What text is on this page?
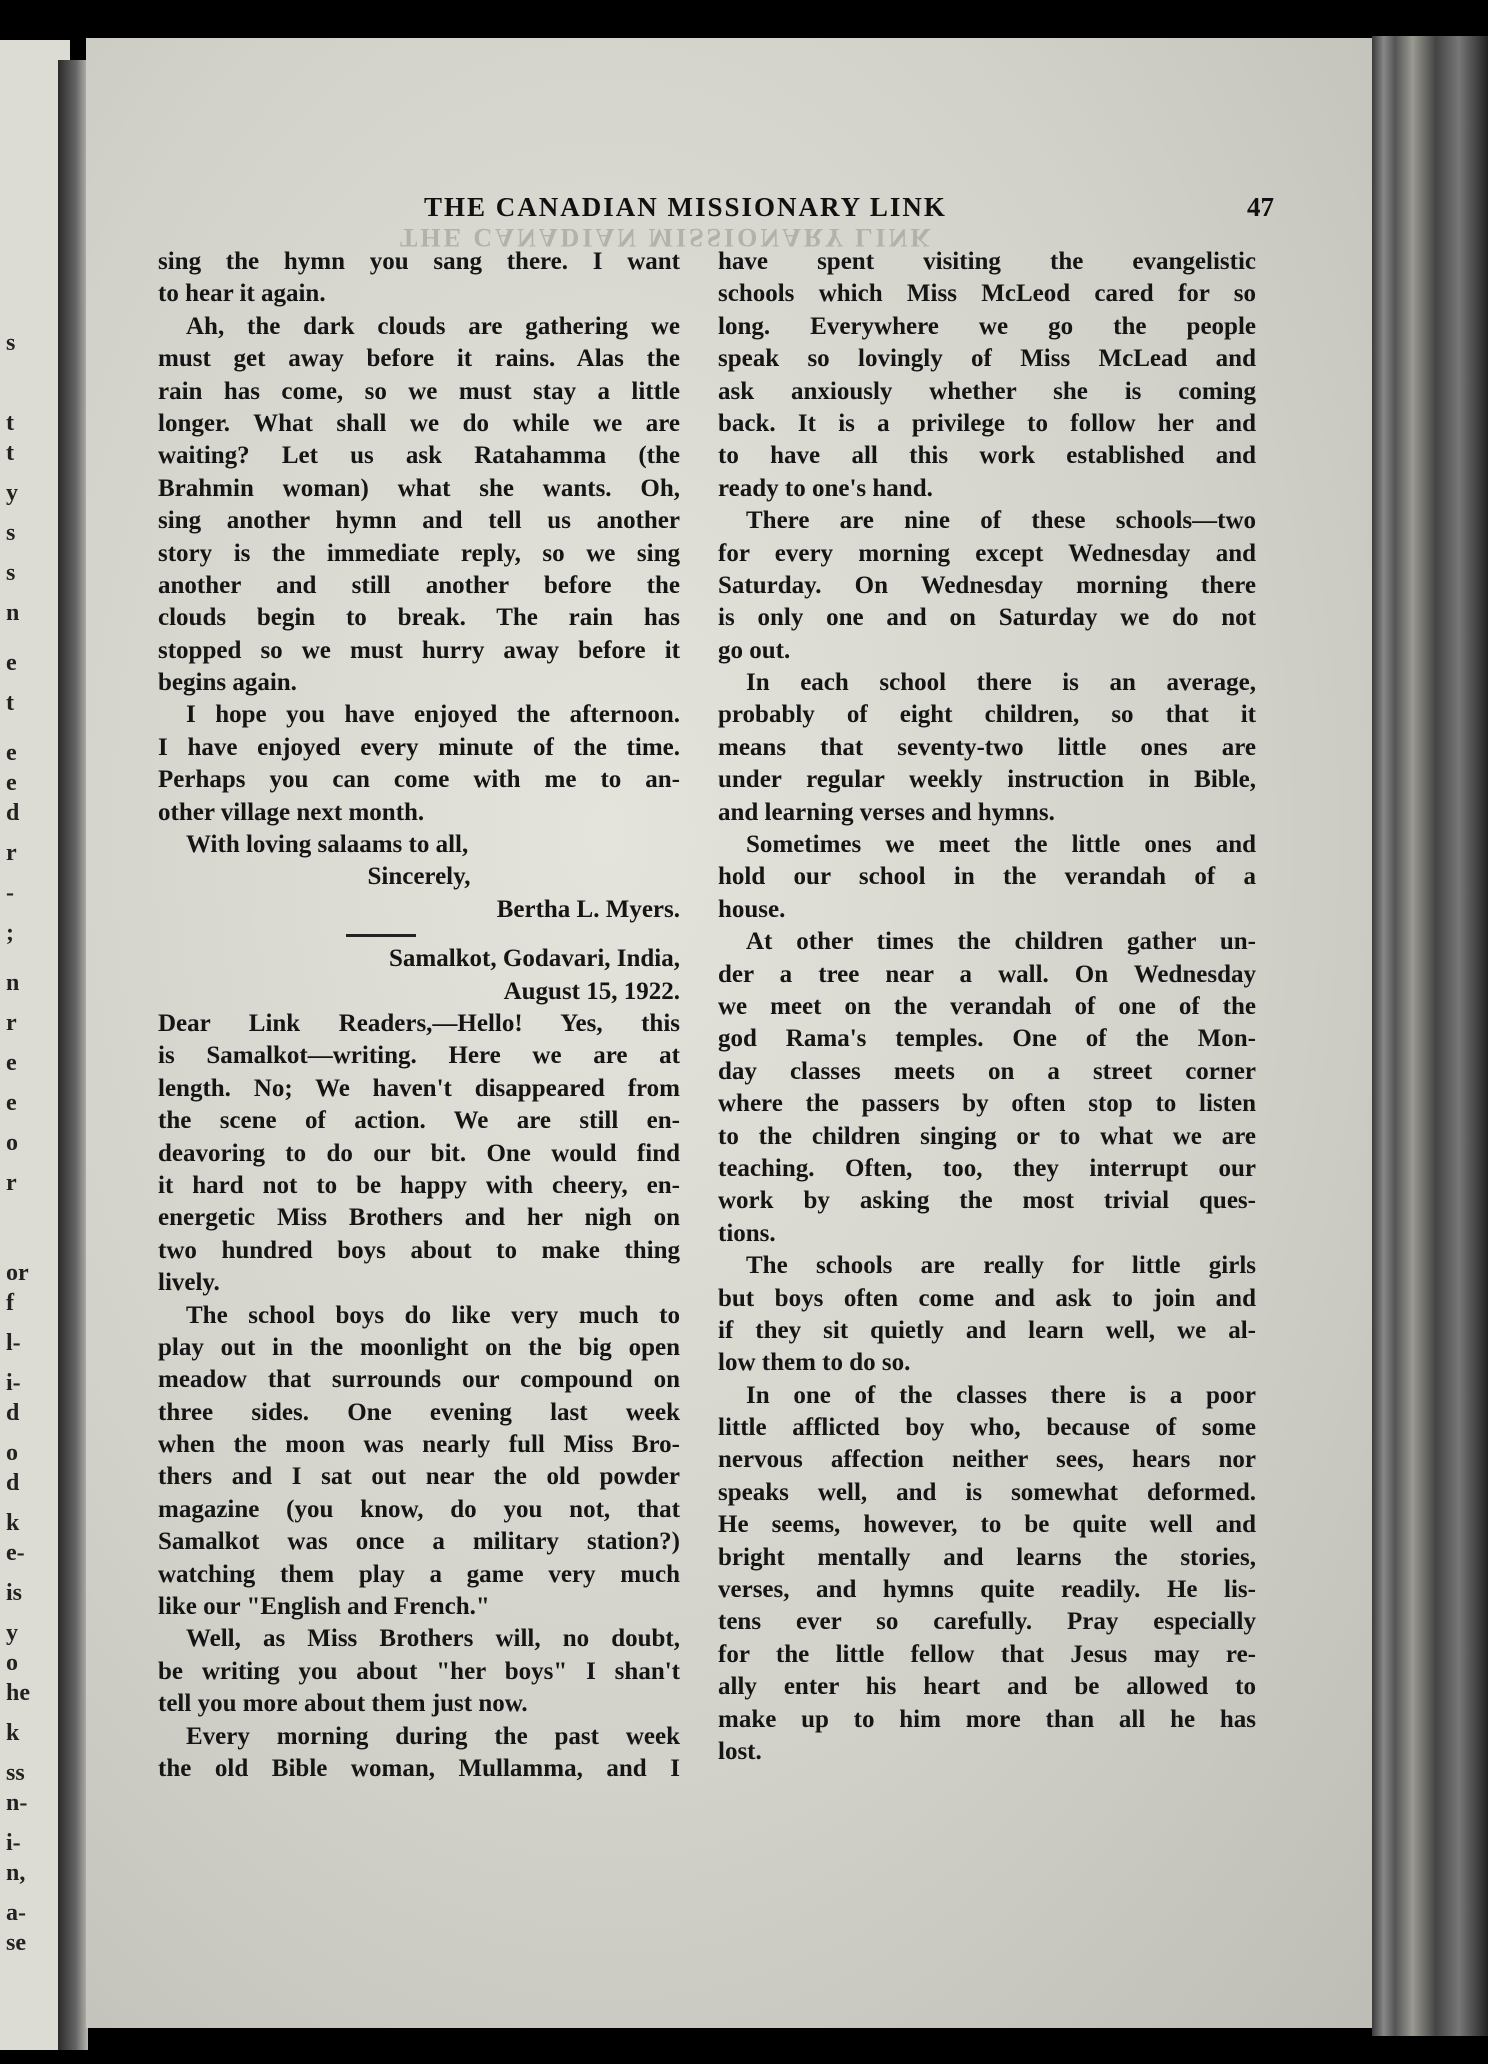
s
t
t
y
s
s
n
e
t
e
e
d
r
-
;
n
r
e
e
o
r
or
f
l-
i-
d
o
d
k
e-
is
y
o
he
k
ss
n-
i-
n,
a-
se
THE CANADIAN MISSIONARY LINK
THE CANADIAN MISSIONARY LINK	47
sing the hymn you sang there. I want
to hear it again.
Ah, the dark clouds are gathering we
must get away before it rains. Alas the
rain has come, so we must stay a little
longer. What shall we do while we are
waiting? Let us ask Ratahamma (the
Brahmin woman) what she wants. Oh,
sing another hymn and tell us another
story is the immediate reply, so we sing
another and still another before the
clouds begin to break. The rain has
stopped so we must hurry away before it
begins again.
I hope you have enjoyed the afternoon.
I have enjoyed every minute of the time.
Perhaps you can come with me to an-
other village next month.
With loving salaams to all,
Sincerely,
Bertha L. Myers.
Samalkot, Godavari, India,
August 15, 1922.
Dear Link Readers,—Hello! Yes, this
is Samalkot—writing. Here we are at
length. No; We haven't disappeared from
the scene of action. We are still en-
deavoring to do our bit. One would find
it hard not to be happy with cheery, en-
energetic Miss Brothers and her nigh on
two hundred boys about to make thing
lively.
The school boys do like very much to
play out in the moonlight on the big open
meadow that surrounds our compound on
three sides. One evening last week
when the moon was nearly full Miss Bro-
thers and I sat out near the old powder
magazine (you know, do you not, that
Samalkot was once a military station?)
watching them play a game very much
like our "English and French."
Well, as Miss Brothers will, no doubt,
be writing you about "her boys" I shan't
tell you more about them just now.
Every morning during the past week
the old Bible woman, Mullamma, and I
have spent visiting the evangelistic
schools which Miss McLeod cared for so
long. Everywhere we go the people
speak so lovingly of Miss McLead and
ask anxiously whether she is coming
back. It is a privilege to follow her and
to have all this work established and
ready to one's hand.
There are nine of these schools—two
for every morning except Wednesday and
Saturday. On Wednesday morning there
is only one and on Saturday we do not
go out.
In each school there is an average,
probably of eight children, so that it
means that seventy-two little ones are
under regular weekly instruction in Bible,
and learning verses and hymns.
Sometimes we meet the little ones and
hold our school in the verandah of a
house.
At other times the children gather un-
der a tree near a wall. On Wednesday
we meet on the verandah of one of the
god Rama's temples. One of the Mon-
day classes meets on a street corner
where the passers by often stop to listen
to the children singing or to what we are
teaching. Often, too, they interrupt our
work by asking the most trivial ques-
tions.
The schools are really for little girls
but boys often come and ask to join and
if they sit quietly and learn well, we al-
low them to do so.
In one of the classes there is a poor
little afflicted boy who, because of some
nervous affection neither sees, hears nor
speaks well, and is somewhat deformed.
He seems, however, to be quite well and
bright mentally and learns the stories,
verses, and hymns quite readily. He lis-
tens ever so carefully. Pray especially
for the little fellow that Jesus may re-
ally enter his heart and be allowed to
make up to him more than all he has
lost.
